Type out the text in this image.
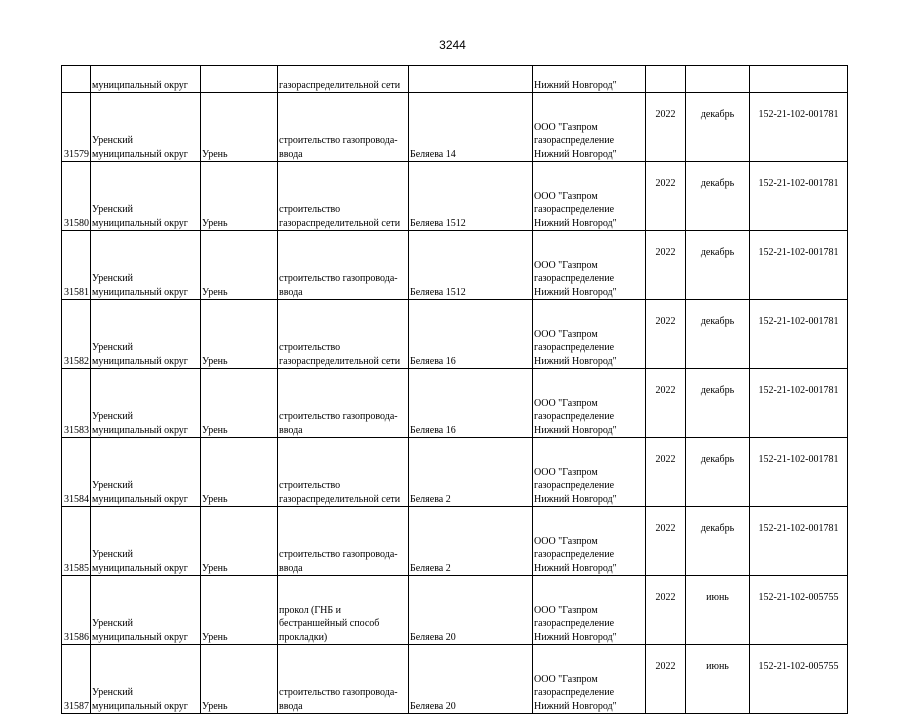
3244
	муниципальный округ		газораспределительной сети		Нижний Новгород"			
31579	Уренский
муниципальный округ	Урень	строительство газопровода-
ввода	Беляева 14	ООО "Газпром
газораспределение
Нижний Новгород"	2022	декабрь	152-21-102-001781
31580	Уренский
муниципальный округ	Урень	строительство
газораспределительной сети	Беляева 1512	ООО "Газпром
газораспределение
Нижний Новгород"	2022	декабрь	152-21-102-001781
31581	Уренский
муниципальный округ	Урень	строительство газопровода-
ввода	Беляева 1512	ООО "Газпром
газораспределение
Нижний Новгород"	2022	декабрь	152-21-102-001781
31582	Уренский
муниципальный округ	Урень	строительство
газораспределительной сети	Беляева 16	ООО "Газпром
газораспределение
Нижний Новгород"	2022	декабрь	152-21-102-001781
31583	Уренский
муниципальный округ	Урень	строительство газопровода-
ввода	Беляева 16	ООО "Газпром
газораспределение
Нижний Новгород"	2022	декабрь	152-21-102-001781
31584	Уренский
муниципальный округ	Урень	строительство
газораспределительной сети	Беляева 2	ООО "Газпром
газораспределение
Нижний Новгород"	2022	декабрь	152-21-102-001781
31585	Уренский
муниципальный округ	Урень	строительство газопровода-
ввода	Беляева 2	ООО "Газпром
газораспределение
Нижний Новгород"	2022	декабрь	152-21-102-001781
31586	Уренский
муниципальный округ	Урень	прокол (ГНБ и
бестраншейный способ
прокладки)	Беляева 20	ООО "Газпром
газораспределение
Нижний Новгород"	2022	июнь	152-21-102-005755
31587	Уренский
муниципальный округ	Урень	строительство газопровода-
ввода	Беляева 20	ООО "Газпром
газораспределение
Нижний Новгород"	2022	июнь	152-21-102-005755
